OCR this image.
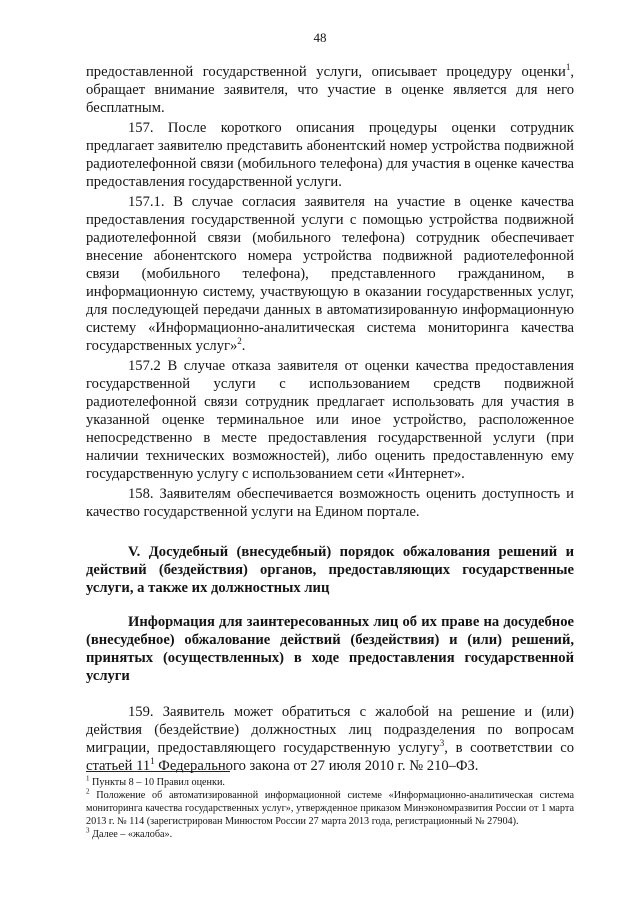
48

предоставленной государственной услуги, описывает процедуру оценки$^1$, обращает внимание заявителя, что участие в оценке является для него бесплатным.

157. После короткого описания процедуры оценки сотрудник предлагает заявителю представить абонентский номер устройства подвижной радиотелефонной связи (мобильного телефона) для участия в оценке качества предоставления государственной услуги.

157.1. В случае согласия заявителя на участие в оценке качества предоставления государственной услуги с помощью устройства подвижной радиотелефонной связи (мобильного телефона) сотрудник обеспечивает внесение абонентского номера устройства подвижной радиотелефонной связи (мобильного телефона), представленного гражданином, в информационную систему, участвующую в оказании государственных услуг, для последующей передачи данных в автоматизированную информационную систему «Информационно-аналитическая система мониторинга качества государственных услуг»$^2$.

157.2 В случае отказа заявителя от оценки качества предоставления государственной услуги с использованием средств подвижной радиотелефонной связи сотрудник предлагает использовать для участия в указанной оценке терминальное или иное устройство, расположенное непосредственно в месте предоставления государственной услуги (при наличии технических возможностей), либо оценить предоставленную ему государственную услугу с использованием сети «Интернет».

158. Заявителям обеспечивается возможность оценить доступность и качество государственной услуги на Едином портале.

V. Досудебный (внесудебный) порядок обжалования решений и действий (бездействия) органов, предоставляющих государственные услуги, а также их должностных лиц

Информация для заинтересованных лиц об их праве на досудебное (внесудебное) обжалование действий (бездействия) и (или) решений, принятых (осуществленных) в ходе предоставления государственной услуги

159. Заявитель может обратиться с жалобой на решение и (или) действия (бездействие) должностных лиц подразделения по вопросам миграции, предоставляющего государственную услугу$^3$, в соответствии со статьей $11^1$ Федерального закона от 27 июля 2010 г. № 210–ФЗ.

$^1$ Пункты 8 – 10 Правил оценки.

$^2$ Положение об автоматизированной информационной системе «Информационно-аналитическая система мониторинга качества государственных услуг», утвержденное приказом Минэкономразвития России от 1 марта 2013 г. № 114 (зарегистрирован Минюстом России 27 марта 2013 года, регистрационный № 27904).

$^3$ Далее – «жалоба».
